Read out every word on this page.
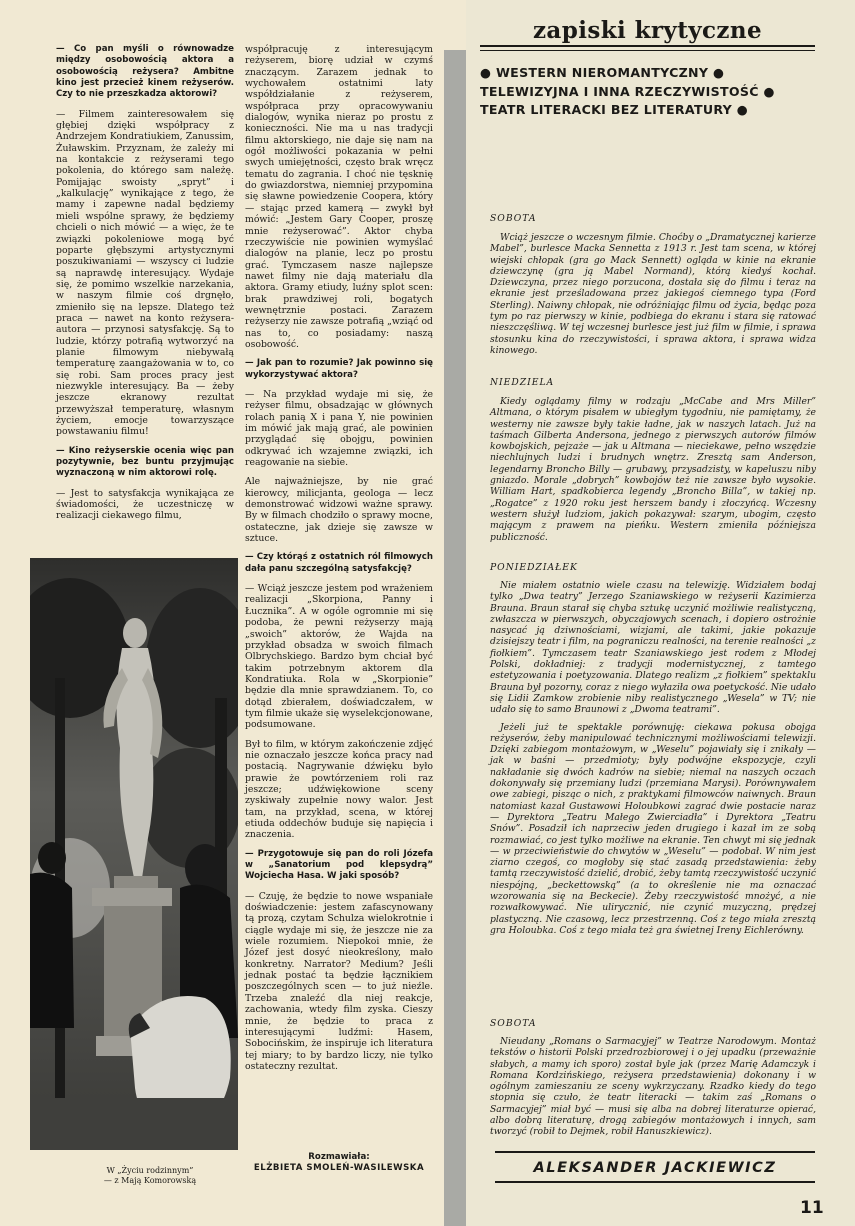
— Co pan myśli o równowadze między osobowością aktora a osobowością reżysera? Ambitne kino jest przecież kinem reżyserów. Czy to nie przeszkadza aktorowi?

— Filmem zainteresowałem się głębiej dzięki współpracy z Andrzejem Kondratiukiem, Zanussim, Żuławskim. Przyznam, że zależy mi na kontakcie z reżyserami tego pokolenia, do którego sam należę. Pomijając swoisty „spryt” i „kalkulację” wynikające z tego, że mamy i zapewne nadal będziemy mieli wspólne sprawy, że będziemy chcieli o nich mówić — a więc, że te związki pokoleniowe mogą być poparte głębszymi artystycznymi poszukiwaniami — wszyscy ci ludzie są naprawdę interesujący. Wydaje się, że pomimo wszelkie narzekania, w naszym filmie coś drgnęło, zmieniło się na lepsze. Dlatego też praca — nawet na konto reżysera-autora — przynosi satysfakcję. Są to ludzie, którzy potrafią wytworzyć na planie filmowym niebywałą temperaturę zaangażowania w to, co się robi. Sam proces pracy jest niezwykle interesujący. Ba — żeby jeszcze ekranowy rezultat przewyższał temperaturę, własnym życiem, emocje towarzyszące powstawaniu filmu!

— Kino reżyserskie ocenia więc pan pozytywnie, bez buntu przyjmując wyznaczoną w nim aktorowi rolę.

— Jest to satysfakcja wynikająca ze świadomości, że uczestniczę w realizacji ciekawego filmu,

współpracuję z interesującym reżyserem, biorę udział w czymś znaczącym. Zarazem jednak to wychowałem ostatnimi laty współdziałanie z reżyserem, współpraca przy opracowywaniu dialogów, wynika nieraz po prostu z konieczności. Nie ma u nas tradycji filmu aktorskiego, nie daje się nam na ogół możliwości pokazania w pełni swych umiejętności, często brak wręcz tematu do zagrania. I choć nie tęsknię do gwiazdorstwa, niemniej przypomina się sławne powiedzenie Coopera, który — stając przed kamerą — zwykł był mówić: „Jestem Gary Cooper, proszę mnie reżyserować”. Aktor chyba rzeczywiście nie powinien wymyślać dialogów na planie, lecz po prostu grać. Tymczasem nasze najlepsze nawet filmy nie dają materiału dla aktora. Gramy etiudy, luźny splot scen: brak prawdziwej roli, bogatych wewnętrznie postaci. Zarazem reżyserzy nie zawsze potrafią „wziąć od nas to, co posiadamy: naszą osobowość.

— Jak pan to rozumie? Jak powinno się wykorzystywać aktora?

— Na przykład wydaje mi się, że reżyser filmu, obsadzając w głównych rolach panią X i pana Y, nie powinien im mówić jak mają grać, ale powinien przyglądać się obojgu, powinien odkrywać ich wzajemne związki, ich reagowanie na siebie.

Ale najważniejsze, by nie grać kierowcy, milicjanta, geologa — lecz demonstrować widzowi ważne sprawy. By w filmach chodziło o sprawy mocne, ostateczne, jak dzieje się zawsze w sztuce.

— Czy którąś z ostatnich ról filmowych dała panu szczególną satysfakcję?

— Wciąż jeszcze jestem pod wrażeniem realizacji „Skorpiona, Panny i Łucznika”. A w ogóle ogromnie mi się podoba, że pewni reżyserzy mają „swoich” aktorów, że Wajda na przykład obsadza w swoich filmach Olbrychskiego. Bardzo bym chciał być takim potrzebnym aktorem dla Kondratiuka. Rola w „Skorpionie” będzie dla mnie sprawdzianem. To, co dotąd zbierałem, doświadczałem, w tym filmie ukaże się wyselekcjonowane, podsumowane.

Był to film, w którym zakończenie zdjęć nie oznaczało jeszcze końca pracy nad postacią. Nagrywanie dźwięku było prawie że powtórzeniem roli raz jeszcze; udźwiękowione sceny zyskiwały zupełnie nowy walor. Jest tam, na przykład, scena, w której etiuda oddechów buduje się napięcia i znaczenia.

— Przygotowuje się pan do roli Józefa w „Sanatorium pod klepsydrą” Wojciecha Hasa. W jaki sposób?

— Czuję, że będzie to nowe wspaniałe doświadczenie: jestem zafascynowany tą prozą, czytam Schulza wielokrotnie i ciągle wydaje mi się, że jeszcze nie za wiele rozumiem. Niepokoi mnie, że Józef jest dosyć nieokreślony, mało konkretny. Narrator? Medium? Jeśli jednak postać ta będzie łącznikiem poszczególnych scen — to już nieźle. Trzeba znaleźć dla niej reakcje, zachowania, wtedy film zyska. Cieszy mnie, że będzie to praca z interesującymi ludźmi: Hasem, Sobocińskim, że inspiruje ich literatura tej miary; to by bardzo liczy, nie tylko ostateczny rezultat.

W „Życiu rodzinnym”
— z Mają Komorowską
Rozmawiała:
ELŻBIETA SMOLEŃ-WASILEWSKA
zapiski krytyczne
● WESTERN NIEROMANTYCZNY ● TELEWIZYJNA I INNA RZECZYWISTOŚĆ ● TEATR LITERACKI BEZ LITERATURY ●
SOBOTA

Wciąż jeszcze o wczesnym filmie. Choćby o „Dramatycznej karierze Mabel”, burlesce Macka Sennetta z 1913 r. Jest tam scena, w której wiejski chłopak (gra go Mack Sennett) ogląda w kinie na ekranie dziewczynę (gra ją Mabel Normand), którą kiedyś kochał. Dziewczyna, przez niego porzucona, dostała się do filmu i teraz na ekranie jest prześladowana przez jakiegoś ciemnego typa (Ford Sterling). Naiwny chłopak, nie odróżniając filmu od życia, będąc poza tym po raz pierwszy w kinie, podbiega do ekranu i stara się ratować nieszczęśliwą. W tej wczesnej burlesce jest już film w filmie, i sprawa stosunku kina do rzeczywistości, i sprawa aktora, i sprawa widza kinowego.

NIEDZIELA

Kiedy oglądamy filmy w rodzaju „McCabe and Mrs Miller” Altmana, o którym pisałem w ubiegłym tygodniu, nie pamiętamy, że westerny nie zawsze były takie ładne, jak w naszych latach. Już na taśmach Gilberta Andersona, jednego z pierwszych autorów filmów kowbojskich, pejzaże — jak u Altmana — nieciekawe, pełno wszędzie niechlujnych ludzi i brudnych wnętrz. Zresztą sam Anderson, legendarny Broncho Billy — grubawy, przysadzisty, w kapeluszu niby gniazdo. Morale „dobrych” kowbojów też nie zawsze było wysokie. William Hart, spadkobierca legendy „Broncho Billa”, w takiej np. „Rogatce” z 1920 roku jest herszem bandy i złoczyńcą. Wczesny western służył ludziom, jakich pokazywał: szarym, ubogim, często mającym z prawem na pieńku. Western zmieniła późniejsza publiczność.

PONIEDZIAŁEK

Nie miałem ostatnio wiele czasu na telewizję. Widziałem bodaj tylko „Dwa teatry” Jerzego Szaniawskiego w reżyserii Kazimierza Brauna. Braun starał się chyba sztukę uczynić możliwie realistyczną, zwłaszcza w pierwszych, obyczajowych scenach, i dopiero ostrożnie nasycać ją dziwnościami, wizjami, ale takimi, jakie pokazuje dzisiejszy teatr i film, na pograniczu realności, na terenie realności „z fiołkiem”. Tymczasem teatr Szaniawskiego jest rodem z Młodej Polski, dokładniej: z tradycji modernistycznej, z tamtego estetyzowania i poetyzowania. Dlatego realizm „z fiołkiem” spektaklu Brauna był pozorny, coraz z niego wyłaziła owa poetyckość. Nie udało się Lidii Zamkow zrobienie niby realistycznego „Wesela” w TV; nie udało się to samo Braunowi z „Dwoma teatrami”.

Jeżeli już te spektakle porównuję: ciekawa pokusa obojga reżyserów, żeby manipulować technicznymi możliwościami telewizji. Dzięki zabiegom montażowym, w „Weselu” pojawiały się i znikały — jak w baśni — przedmioty; były podwójne ekspozycje, czyli nakładanie się dwóch kadrów na siebie; niemal na naszych oczach dokonywały się przemiany ludzi (przemiana Marysi). Porównywałem owe zabiegi, pisząc o nich, z praktykami filmowców naiwnych. Braun natomiast kazał Gustawowi Holoubkowi zagrać dwie postacie naraz — Dyrektora „Teatru Małego Zwierciadła” i Dyrektora „Teatru Snów”. Posadził ich naprzeciw jeden drugiego i kazał im ze sobą rozmawiać, co jest tylko możliwe na ekranie. Ten chwyt mi się jednak — w przeciwieństwie do chwytów w „Weselu” — podobał. W nim jest ziarno czegoś, co mogłoby się stać zasadą przedstawienia: żeby tamtą rzeczywistość dzielić, drobić, żeby tamtą rzeczywistość uczynić niespójną, „beckettowską” (a to określenie nie ma oznaczać wzorowania się na Beckecie). Żeby rzeczywistość mnożyć, a nie rozwałkowywać. Nie ulirycznić, nie czynić muzyczną, prędzej plastyczną. Nie czasową, lecz przestrzenną. Coś z tego miała zresztą gra Holoubka. Coś z tego miała też gra świetnej Ireny Eichlerówny.

SOBOTA

Nieudany „Romans o Sarmacyjej” w Teatrze Narodowym. Montaż tekstów o historii Polski przedrozbiorowej i o jej upadku (przeważnie słabych, a mamy ich sporo) został byle jak (przez Marię Adamczyk i Romana Kordzińskiego, reżysera przedstawienia) dokonany i w ogólnym zamieszaniu ze sceny wykrzyczany. Rzadko kiedy do tego stopnia się czuło, że teatr literacki — takim zaś „Romans o Sarmacyjej” miał być — musi się alba na dobrej literaturze opierać, albo dobrą literaturę, drogą zabiegów montażowych i innych, sam tworzyć (robił to Dejmek, robił Hanuszkiewicz).

ALEKSANDER JACKIEWICZ
11
